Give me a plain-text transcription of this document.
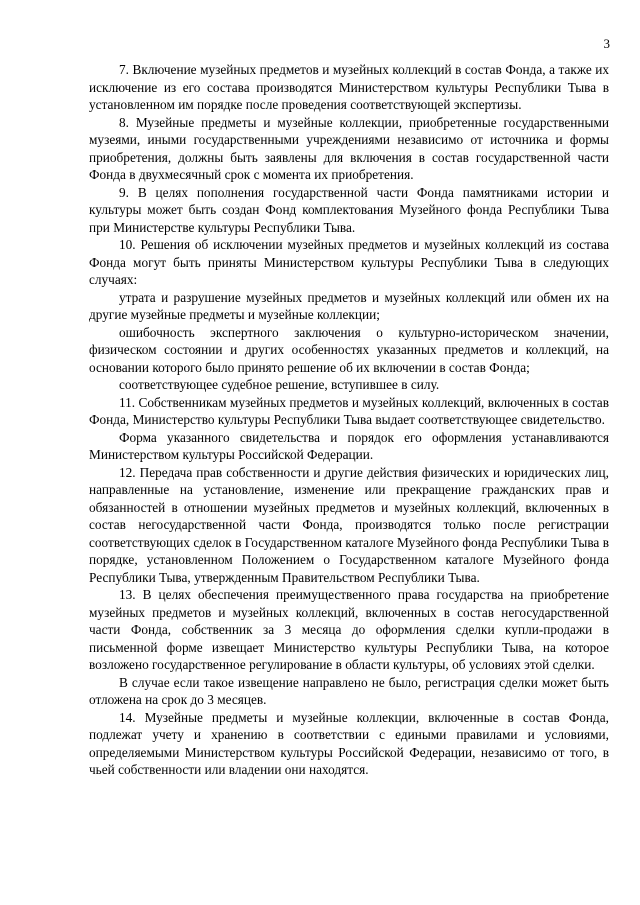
3

7. Включение музейных предметов и музейных коллекций в состав Фонда, а также их исключение из его состава производятся Министерством культуры Республики Тыва в установленном им порядке после проведения соответствующей экспертизы.

8. Музейные предметы и музейные коллекции, приобретенные государственными музеями, иными государственными учреждениями независимо от источника и формы приобретения, должны быть заявлены для включения в состав государственной части Фонда в двухмесячный срок с момента их приобретения.

9. В целях пополнения государственной части Фонда памятниками истории и культуры может быть создан Фонд комплектования Музейного фонда Республики Тыва при Министерстве культуры Республики Тыва.

10. Решения об исключении музейных предметов и музейных коллекций из состава Фонда могут быть приняты Министерством культуры Республики Тыва в следующих случаях:

утрата и разрушение музейных предметов и музейных коллекций или обмен их на другие музейные предметы и музейные коллекции;

ошибочность экспертного заключения о культурно-историческом значении, физическом состоянии и других особенностях указанных предметов и коллекций, на основании которого было принято решение об их включении в состав Фонда;

соответствующее судебное решение, вступившее в силу.

11. Собственникам музейных предметов и музейных коллекций, включенных в состав Фонда, Министерство культуры Республики Тыва выдает соответствующее свидетельство.

Форма указанного свидетельства и порядок его оформления устанавливаются Министерством культуры Российской Федерации.

12. Передача прав собственности и другие действия физических и юридических лиц, направленные на установление, изменение или прекращение гражданских прав и обязанностей в отношении музейных предметов и музейных коллекций, включенных в состав негосударственной части Фонда, производятся только после регистрации соответствующих сделок в Государственном каталоге Музейного фонда Республики Тыва в порядке, установленном Положением о Государственном каталоге Музейного фонда Республики Тыва, утвержденным Правительством Республики Тыва.

13. В целях обеспечения преимущественного права государства на приобретение музейных предметов и музейных коллекций, включенных в состав негосударственной части Фонда, собственник за 3 месяца до оформления сделки купли-продажи в письменной форме извещает Министерство культуры Республики Тыва, на которое возложено государственное регулирование в области культуры, об условиях этой сделки.

В случае если такое извещение направлено не было, регистрация сделки может быть отложена на срок до 3 месяцев.

14. Музейные предметы и музейные коллекции, включенные в состав Фонда, подлежат учету и хранению в соответствии с едиными правилами и условиями, определяемыми Министерством культуры Российской Федерации, независимо от того, в чьей собственности или владении они находятся.
